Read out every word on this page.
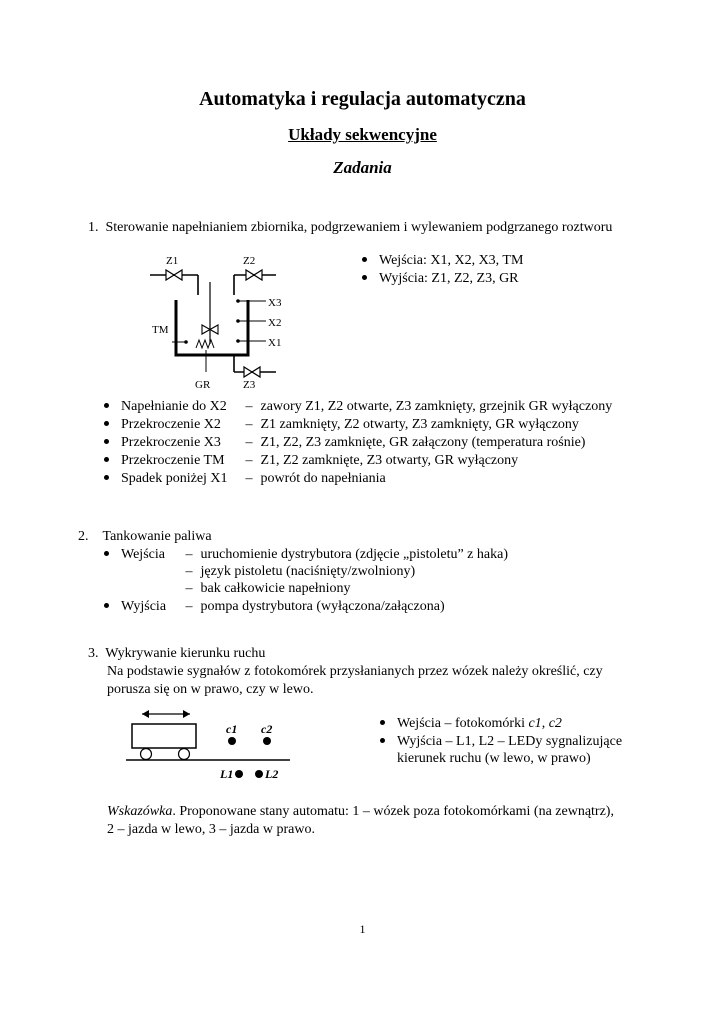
Automatyka i regulacja automatyczna
Układy sekwencyjne
Zadania
1. Sterowanie napełnianiem zbiornika, podgrzewaniem i wylewaniem podgrzanego roztworu
Z1	Z2
X3
X2
X1
TM
GR	Z3
Wejścia: X1, X2, X3, TM
Wyjścia: Z1, Z2, Z3, GR
Napełnianie do X2 – zawory Z1, Z2 otwarte, Z3 zamknięty, grzejnik GR wyłączony
Przekroczenie X2 – Z1 zamknięty, Z2 otwarty, Z3 zamknięty, GR wyłączony
Przekroczenie X3 – Z1, Z2, Z3 zamknięte, GR załączony (temperatura rośnie)
Przekroczenie TM – Z1, Z2 zamknięte, Z3 otwarty, GR wyłączony
Spadek poniżej X1 – powrót do napełniania
2. Tankowanie paliwa
Wejścia – uruchomienie dystrybutora (zdjęcie „pistoletu” z haka)
– język pistoletu (naciśnięty/zwolniony)
– bak całkowicie napełniony
Wyjścia – pompa dystrybutora (wyłączona/załączona)
3. Wykrywanie kierunku ruchu
Na podstawie sygnałów z fotokomórek przysłanianych przez wózek należy określić, czy
porusza się on w prawo, czy w lewo.
c1 c2
L1	L2
Wejścia – fotokomórki c1, c2
Wyjścia – L1, L2 – LEDy sygnalizujące
kierunek ruchu (w lewo, w prawo)
Wskazówka. Proponowane stany automatu: 1 – wózek poza fotokomórkami (na zewnątrz),
2 – jazda w lewo, 3 – jazda w prawo.
1
